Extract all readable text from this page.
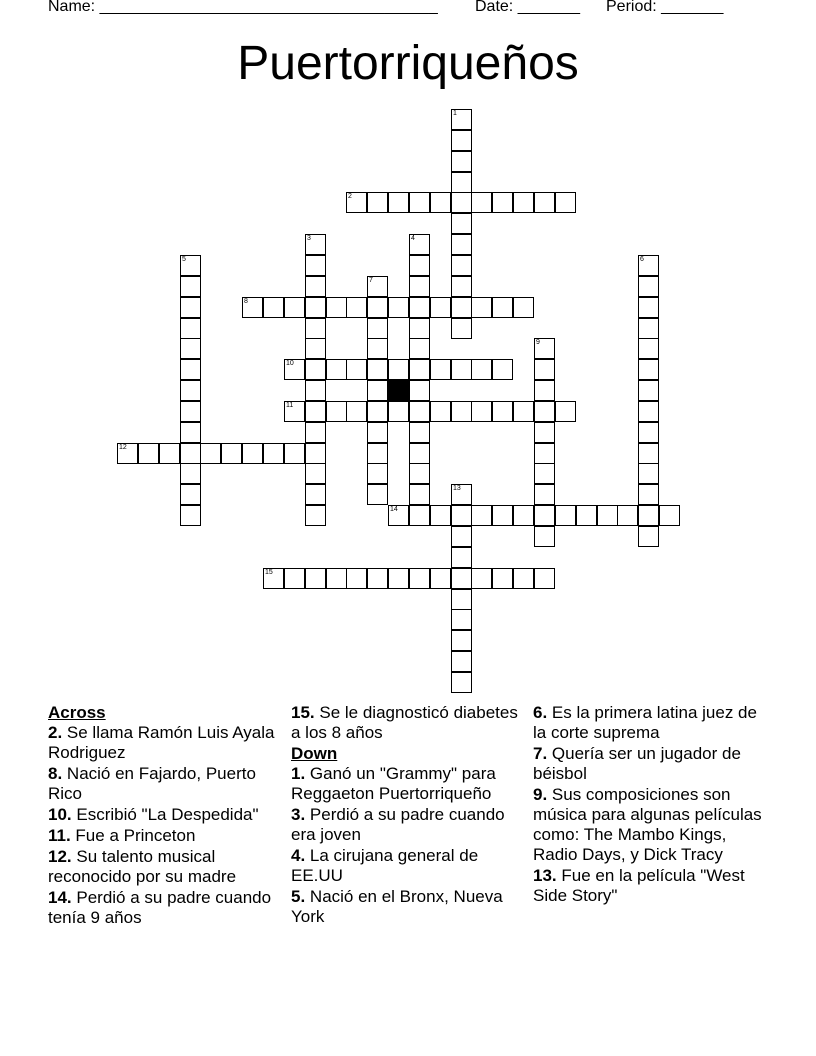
Name: ______________________________________ Date: _______ Period: _______
Puertorriqueños
1
2
3	4
5	6
7
8
9
10
11
12
13
14
15
Across
2. Se llama Ramón Luis Ayala Rodriguez
8. Nació en Fajardo, Puerto Rico
10. Escribió "La Despedida"
11. Fue a Princeton
12. Su talento musical reconocido por su madre
14. Perdió a su padre cuando tenía 9 años
15. Se le diagnosticó diabetes a los 8 años
Down
1. Ganó un "Grammy" para Reggaeton Puertorriqueño
3. Perdió a su padre cuando era joven
4. La cirujana general de EE.UU
5. Nació en el Bronx, Nueva York
6. Es la primera latina juez de la corte suprema
7. Quería ser un jugador de béisbol
9. Sus composiciones son música para algunas películas como: The Mambo Kings, Radio Days, y Dick Tracy
13. Fue en la película "West Side Story"
